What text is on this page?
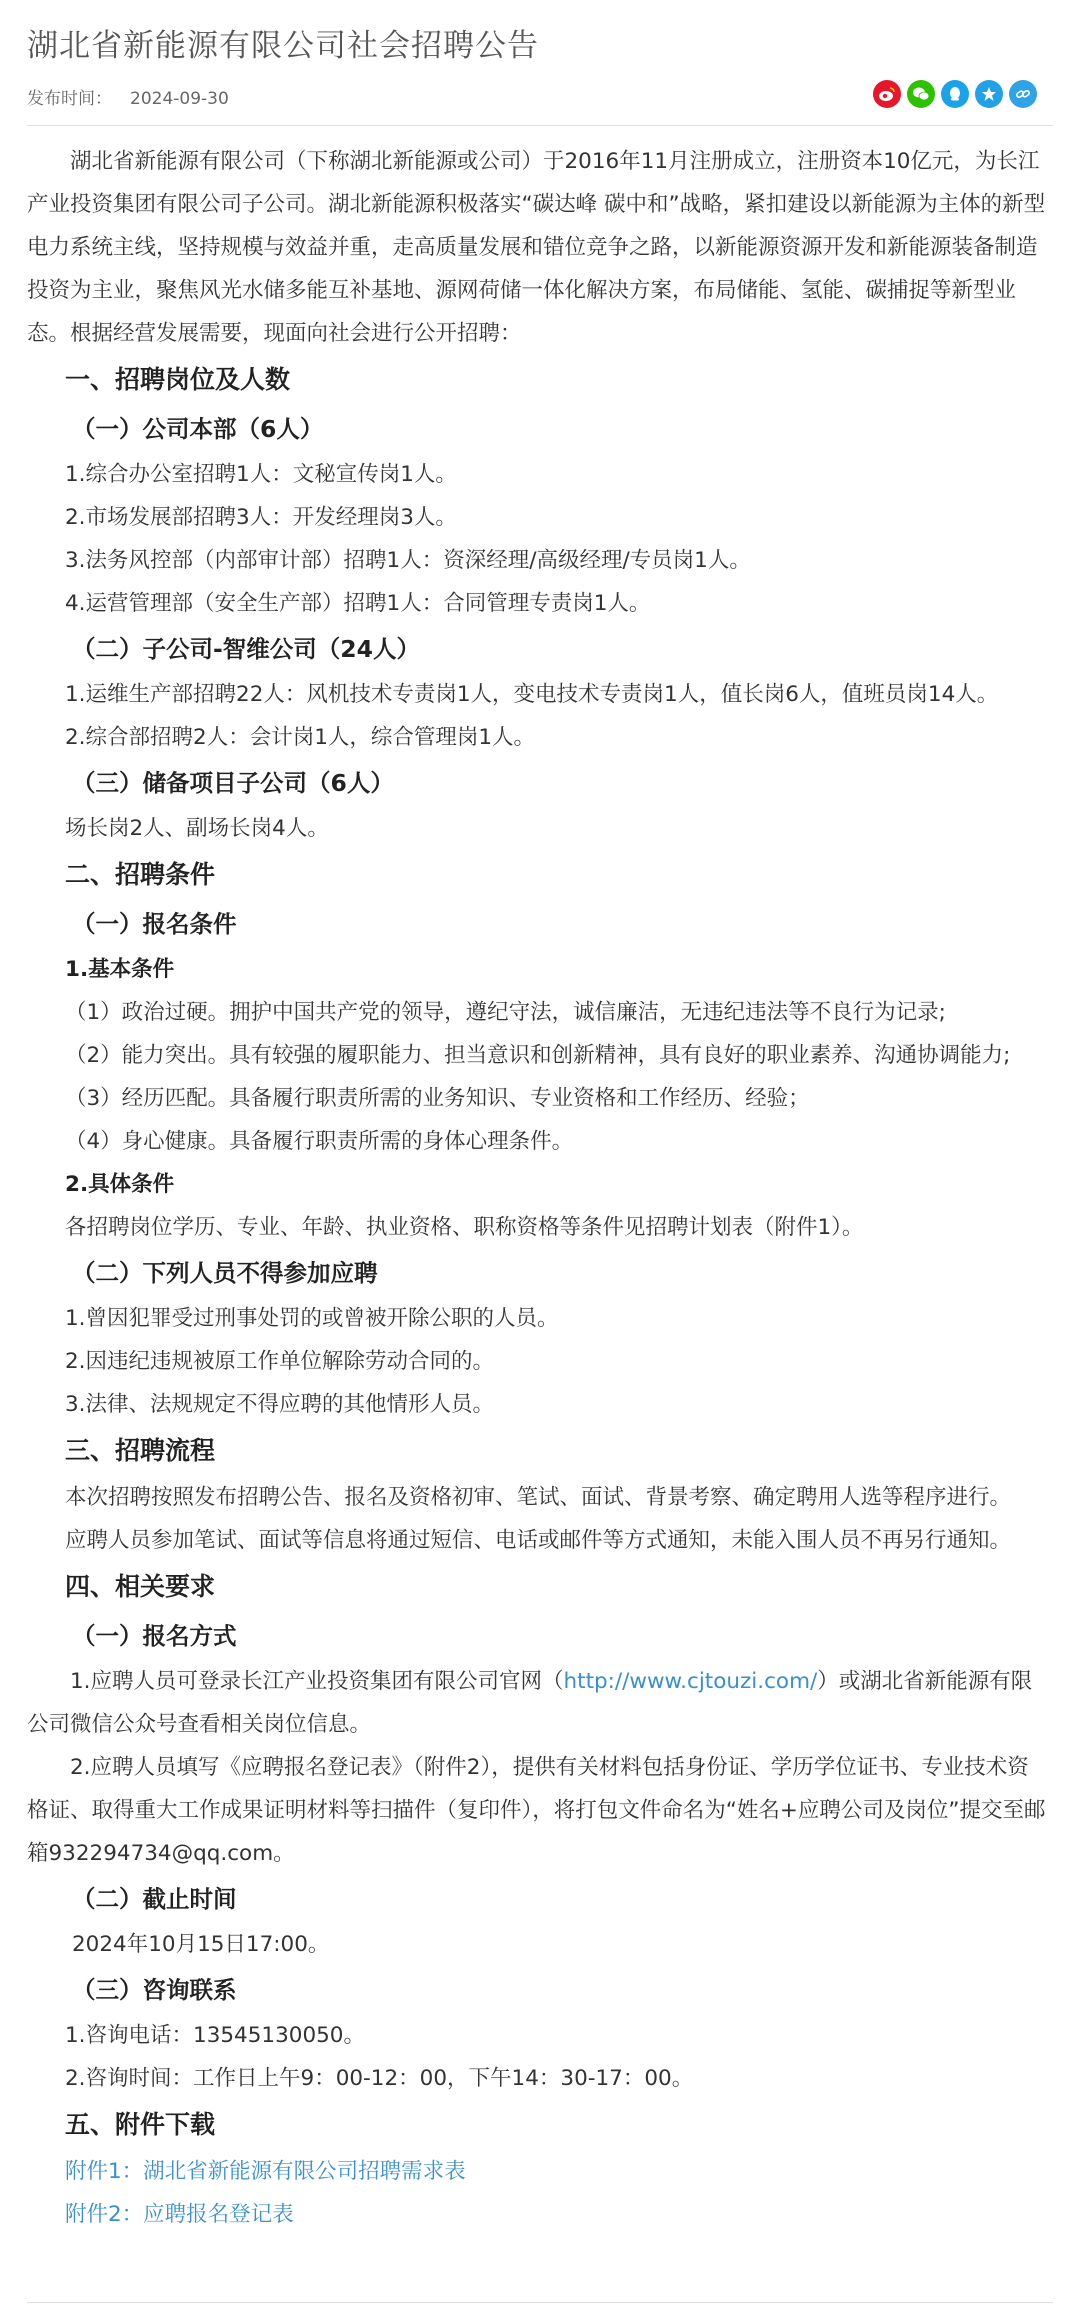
湖北省新能源有限公司社会招聘公告
发布时间： 2024-09-30

湖北省新能源有限公司（下称湖北新能源或公司）于2016年11月注册成立，注册资本10亿元，为长江产业投资集团有限公司子公司。湖北新能源积极落实“碳达峰 碳中和”战略，紧扣建设以新能源为主体的新型电力系统主线，坚持规模与效益并重，走高质量发展和错位竞争之路，以新能源资源开发和新能源装备制造投资为主业，聚焦风光水储多能互补基地、源网荷储一体化解决方案，布局储能、氢能、碳捕捉等新型业态。根据经营发展需要，现面向社会进行公开招聘：

一、招聘岗位及人数

（一）公司本部（6人）

1.综合办公室招聘1人：文秘宣传岗1人。

2.市场发展部招聘3人：开发经理岗3人。

3.法务风控部（内部审计部）招聘1人：资深经理/高级经理/专员岗1人。

4.运营管理部（安全生产部）招聘1人：合同管理专责岗1人。

（二）子公司-智维公司（24人）

1.运维生产部招聘22人：风机技术专责岗1人，变电技术专责岗1人，值长岗6人，值班员岗14人。

2.综合部招聘2人：会计岗1人，综合管理岗1人。

（三）储备项目子公司（6人）

场长岗2人、副场长岗4人。

二、招聘条件

（一）报名条件

1.基本条件

（1）政治过硬。拥护中国共产党的领导，遵纪守法，诚信廉洁，无违纪违法等不良行为记录;

（2）能力突出。具有较强的履职能力、担当意识和创新精神，具有良好的职业素养、沟通协调能力;

（3）经历匹配。具备履行职责所需的业务知识、专业资格和工作经历、经验；

（4）身心健康。具备履行职责所需的身体心理条件。

2.具体条件

各招聘岗位学历、专业、年龄、执业资格、职称资格等条件见招聘计划表（附件1）。

（二）下列人员不得参加应聘

1.曾因犯罪受过刑事处罚的或曾被开除公职的人员。

2.因违纪违规被原工作单位解除劳动合同的。

3.法律、法规规定不得应聘的其他情形人员。

三、招聘流程

本次招聘按照发布招聘公告、报名及资格初审、笔试、面试、背景考察、确定聘用人选等程序进行。

应聘人员参加笔试、面试等信息将通过短信、电话或邮件等方式通知，未能入围人员不再另行通知。

四、相关要求

（一）报名方式

1.应聘人员可登录长江产业投资集团有限公司官网（http://www.cjtouzi.com/）或湖北省新能源有限公司微信公众号查看相关岗位信息。

2.应聘人员填写《应聘报名登记表》（附件2），提供有关材料包括身份证、学历学位证书、专业技术资格证、取得重大工作成果证明材料等扫描件（复印件），将打包文件命名为“姓名+应聘公司及岗位”提交至邮箱932294734@qq.com。

（二）截止时间

2024年10月15日17:00。

（三）咨询联系

1.咨询电话：13545130050。

2.咨询时间：工作日上午9：00-12：00，下午14：30-17：00。

五、附件下载

附件1：湖北省新能源有限公司招聘需求表

附件2：应聘报名登记表
